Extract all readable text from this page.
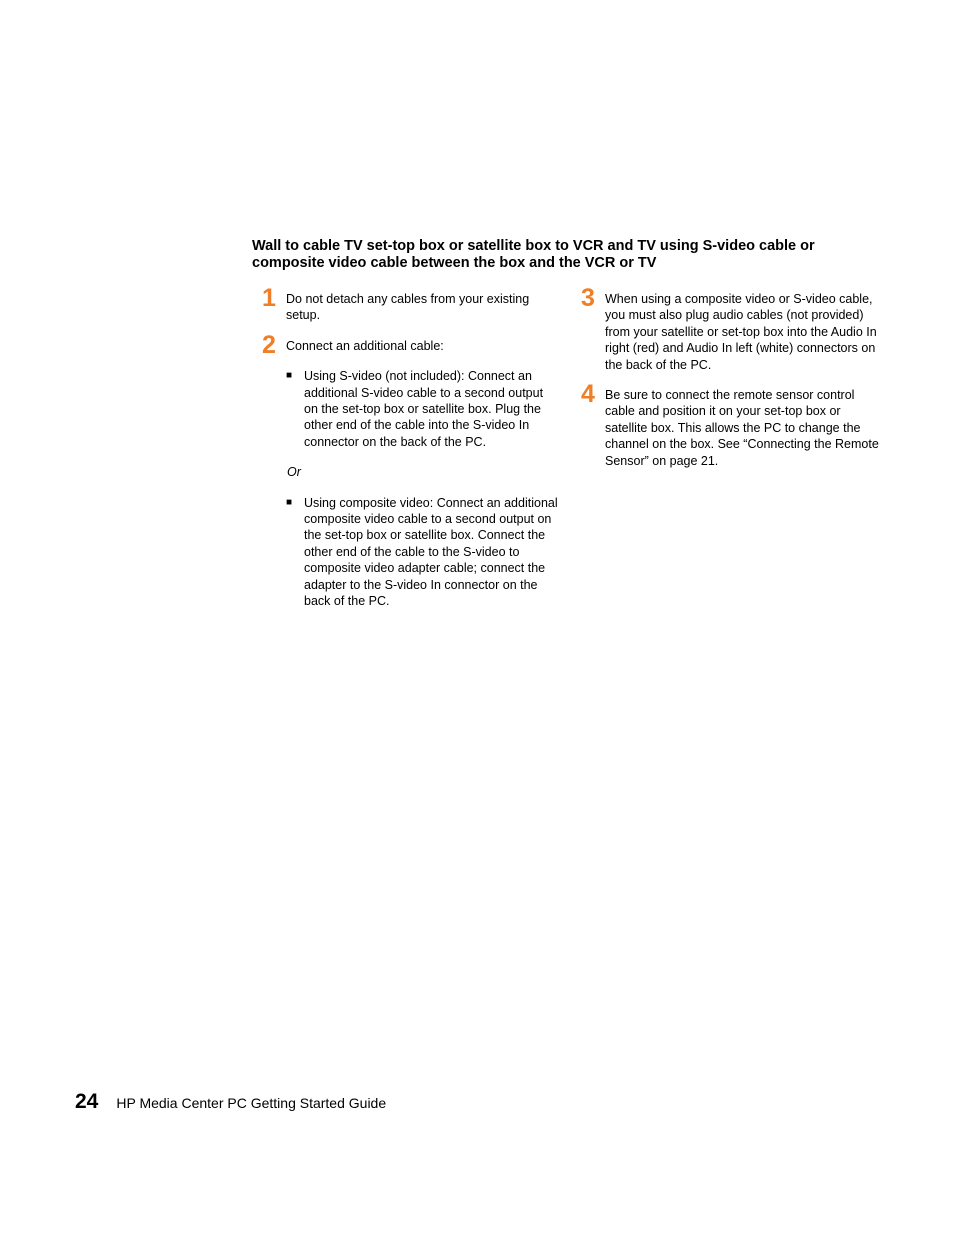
Wall to cable TV set-top box or satellite box to VCR and TV using S-video cable or composite video cable between the box and the VCR or TV
1 Do not detach any cables from your existing setup.
2 Connect an additional cable:
■ Using S-video (not included): Connect an additional S-video cable to a second output on the set-top box or satellite box. Plug the other end of the cable into the S-video In connector on the back of the PC.
Or
■ Using composite video: Connect an additional composite video cable to a second output on the set-top box or satellite box. Connect the other end of the cable to the S-video to composite video adapter cable; connect the adapter to the S-video In connector on the back of the PC.
3 When using a composite video or S-video cable, you must also plug audio cables (not provided) from your satellite or set-top box into the Audio In right (red) and Audio In left (white) connectors on the back of the PC.
4 Be sure to connect the remote sensor control cable and position it on your set-top box or satellite box. This allows the PC to change the channel on the box. See “Connecting the Remote Sensor” on page 21.
24 HP Media Center PC Getting Started Guide
